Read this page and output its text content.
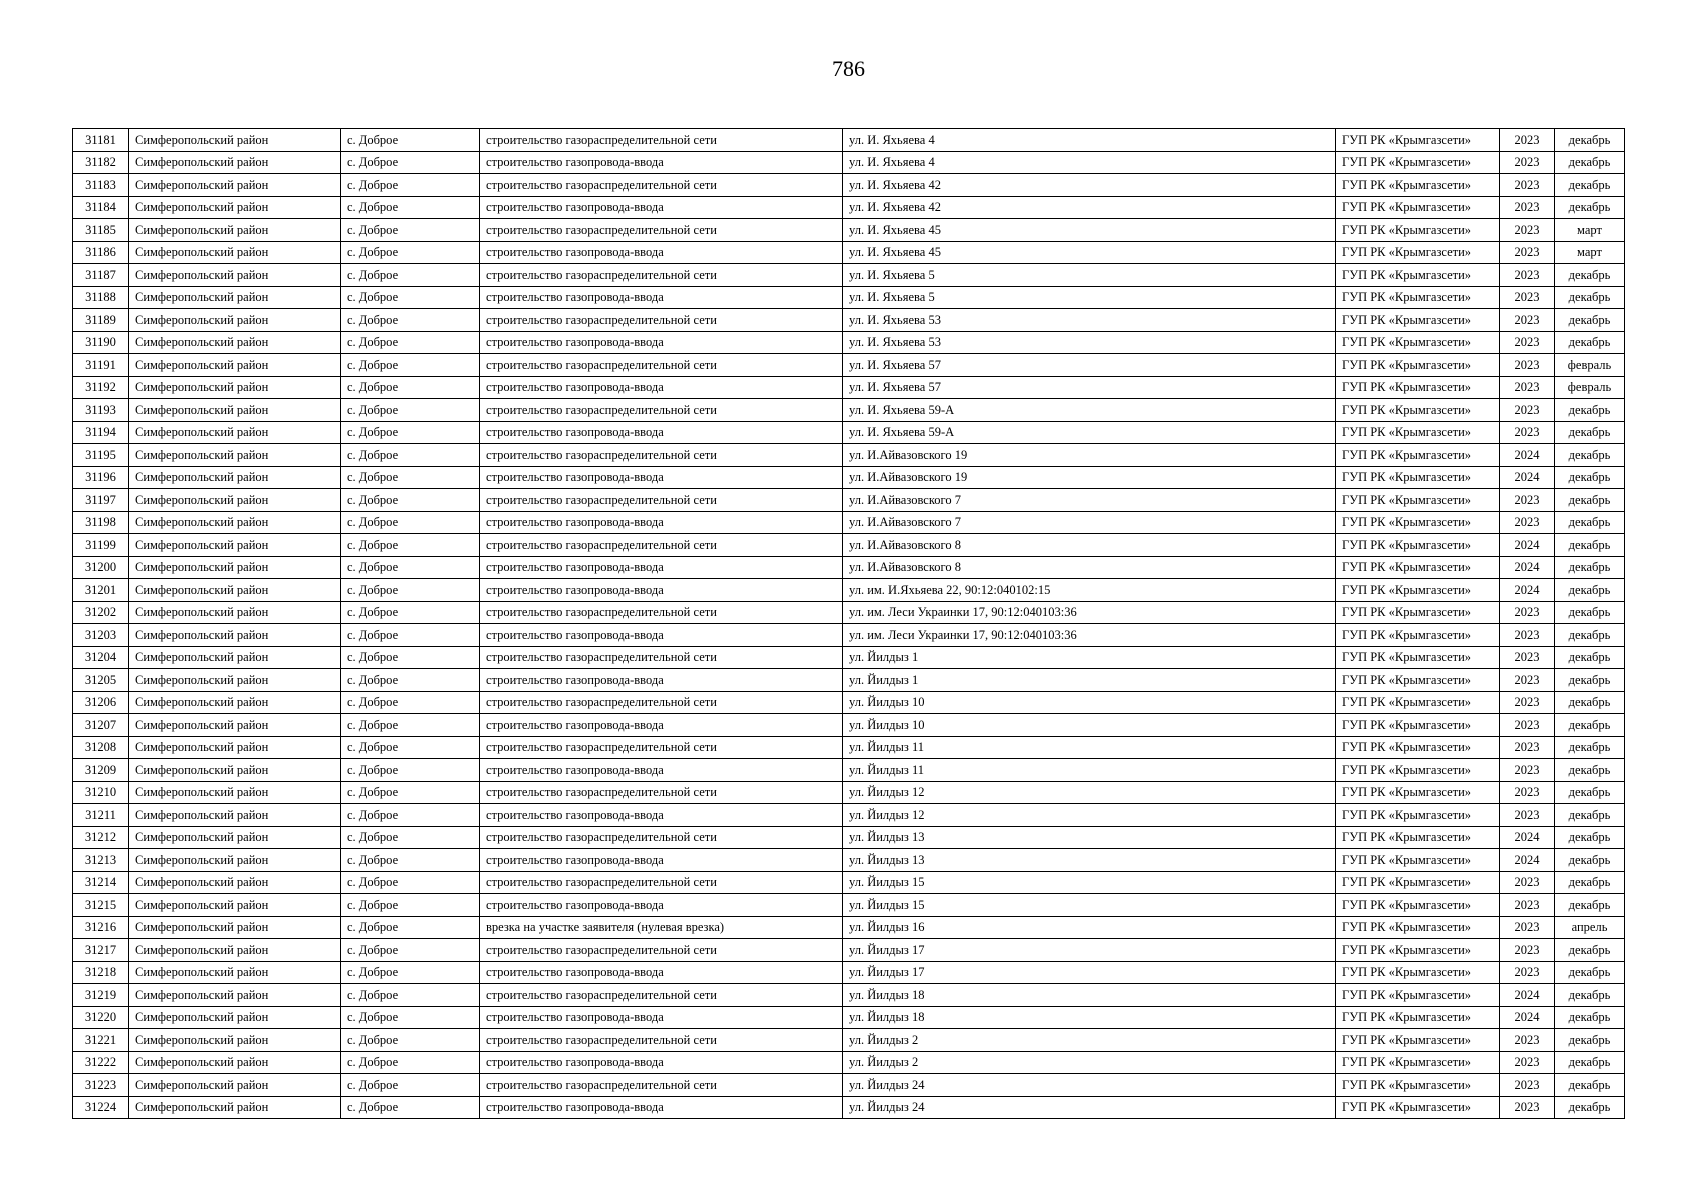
786
31181	Симферопольский район	с. Доброе	строительство газораспределительной сети	ул. И. Яхьяева 4	ГУП РК «Крымгазсети»	2023	декабрь
31182	Симферопольский район	с. Доброе	строительство газопровода-ввода	ул. И. Яхьяева 4	ГУП РК «Крымгазсети»	2023	декабрь
31183	Симферопольский район	с. Доброе	строительство газораспределительной сети	ул. И. Яхьяева 42	ГУП РК «Крымгазсети»	2023	декабрь
31184	Симферопольский район	с. Доброе	строительство газопровода-ввода	ул. И. Яхьяева 42	ГУП РК «Крымгазсети»	2023	декабрь
31185	Симферопольский район	с. Доброе	строительство газораспределительной сети	ул. И. Яхьяева 45	ГУП РК «Крымгазсети»	2023	март
31186	Симферопольский район	с. Доброе	строительство газопровода-ввода	ул. И. Яхьяева 45	ГУП РК «Крымгазсети»	2023	март
31187	Симферопольский район	с. Доброе	строительство газораспределительной сети	ул. И. Яхьяева 5	ГУП РК «Крымгазсети»	2023	декабрь
31188	Симферопольский район	с. Доброе	строительство газопровода-ввода	ул. И. Яхьяева 5	ГУП РК «Крымгазсети»	2023	декабрь
31189	Симферопольский район	с. Доброе	строительство газораспределительной сети	ул. И. Яхьяева 53	ГУП РК «Крымгазсети»	2023	декабрь
31190	Симферопольский район	с. Доброе	строительство газопровода-ввода	ул. И. Яхьяева 53	ГУП РК «Крымгазсети»	2023	декабрь
31191	Симферопольский район	с. Доброе	строительство газораспределительной сети	ул. И. Яхьяева 57	ГУП РК «Крымгазсети»	2023	февраль
31192	Симферопольский район	с. Доброе	строительство газопровода-ввода	ул. И. Яхьяева 57	ГУП РК «Крымгазсети»	2023	февраль
31193	Симферопольский район	с. Доброе	строительство газораспределительной сети	ул. И. Яхьяева 59-А	ГУП РК «Крымгазсети»	2023	декабрь
31194	Симферопольский район	с. Доброе	строительство газопровода-ввода	ул. И. Яхьяева 59-А	ГУП РК «Крымгазсети»	2023	декабрь
31195	Симферопольский район	с. Доброе	строительство газораспределительной сети	ул. И.Айвазовского 19	ГУП РК «Крымгазсети»	2024	декабрь
31196	Симферопольский район	с. Доброе	строительство газопровода-ввода	ул. И.Айвазовского 19	ГУП РК «Крымгазсети»	2024	декабрь
31197	Симферопольский район	с. Доброе	строительство газораспределительной сети	ул. И.Айвазовского 7	ГУП РК «Крымгазсети»	2023	декабрь
31198	Симферопольский район	с. Доброе	строительство газопровода-ввода	ул. И.Айвазовского 7	ГУП РК «Крымгазсети»	2023	декабрь
31199	Симферопольский район	с. Доброе	строительство газораспределительной сети	ул. И.Айвазовского 8	ГУП РК «Крымгазсети»	2024	декабрь
31200	Симферопольский район	с. Доброе	строительство газопровода-ввода	ул. И.Айвазовского 8	ГУП РК «Крымгазсети»	2024	декабрь
31201	Симферопольский район	с. Доброе	строительство газопровода-ввода	ул. им. И.Яхьяева 22, 90:12:040102:15	ГУП РК «Крымгазсети»	2024	декабрь
31202	Симферопольский район	с. Доброе	строительство газораспределительной сети	ул. им. Леси Украинки 17, 90:12:040103:36	ГУП РК «Крымгазсети»	2023	декабрь
31203	Симферопольский район	с. Доброе	строительство газопровода-ввода	ул. им. Леси Украинки 17, 90:12:040103:36	ГУП РК «Крымгазсети»	2023	декабрь
31204	Симферопольский район	с. Доброе	строительство газораспределительной сети	ул. Йилдыз 1	ГУП РК «Крымгазсети»	2023	декабрь
31205	Симферопольский район	с. Доброе	строительство газопровода-ввода	ул. Йилдыз 1	ГУП РК «Крымгазсети»	2023	декабрь
31206	Симферопольский район	с. Доброе	строительство газораспределительной сети	ул. Йилдыз 10	ГУП РК «Крымгазсети»	2023	декабрь
31207	Симферопольский район	с. Доброе	строительство газопровода-ввода	ул. Йилдыз 10	ГУП РК «Крымгазсети»	2023	декабрь
31208	Симферопольский район	с. Доброе	строительство газораспределительной сети	ул. Йилдыз 11	ГУП РК «Крымгазсети»	2023	декабрь
31209	Симферопольский район	с. Доброе	строительство газопровода-ввода	ул. Йилдыз 11	ГУП РК «Крымгазсети»	2023	декабрь
31210	Симферопольский район	с. Доброе	строительство газораспределительной сети	ул. Йилдыз 12	ГУП РК «Крымгазсети»	2023	декабрь
31211	Симферопольский район	с. Доброе	строительство газопровода-ввода	ул. Йилдыз 12	ГУП РК «Крымгазсети»	2023	декабрь
31212	Симферопольский район	с. Доброе	строительство газораспределительной сети	ул. Йилдыз 13	ГУП РК «Крымгазсети»	2024	декабрь
31213	Симферопольский район	с. Доброе	строительство газопровода-ввода	ул. Йилдыз 13	ГУП РК «Крымгазсети»	2024	декабрь
31214	Симферопольский район	с. Доброе	строительство газораспределительной сети	ул. Йилдыз 15	ГУП РК «Крымгазсети»	2023	декабрь
31215	Симферопольский район	с. Доброе	строительство газопровода-ввода	ул. Йилдыз 15	ГУП РК «Крымгазсети»	2023	декабрь
31216	Симферопольский район	с. Доброе	врезка на участке заявителя (нулевая врезка)	ул. Йилдыз 16	ГУП РК «Крымгазсети»	2023	апрель
31217	Симферопольский район	с. Доброе	строительство газораспределительной сети	ул. Йилдыз 17	ГУП РК «Крымгазсети»	2023	декабрь
31218	Симферопольский район	с. Доброе	строительство газопровода-ввода	ул. Йилдыз 17	ГУП РК «Крымгазсети»	2023	декабрь
31219	Симферопольский район	с. Доброе	строительство газораспределительной сети	ул. Йилдыз 18	ГУП РК «Крымгазсети»	2024	декабрь
31220	Симферопольский район	с. Доброе	строительство газопровода-ввода	ул. Йилдыз 18	ГУП РК «Крымгазсети»	2024	декабрь
31221	Симферопольский район	с. Доброе	строительство газораспределительной сети	ул. Йилдыз 2	ГУП РК «Крымгазсети»	2023	декабрь
31222	Симферопольский район	с. Доброе	строительство газопровода-ввода	ул. Йилдыз 2	ГУП РК «Крымгазсети»	2023	декабрь
31223	Симферопольский район	с. Доброе	строительство газораспределительной сети	ул. Йилдыз 24	ГУП РК «Крымгазсети»	2023	декабрь
31224	Симферопольский район	с. Доброе	строительство газопровода-ввода	ул. Йилдыз 24	ГУП РК «Крымгазсети»	2023	декабрь
